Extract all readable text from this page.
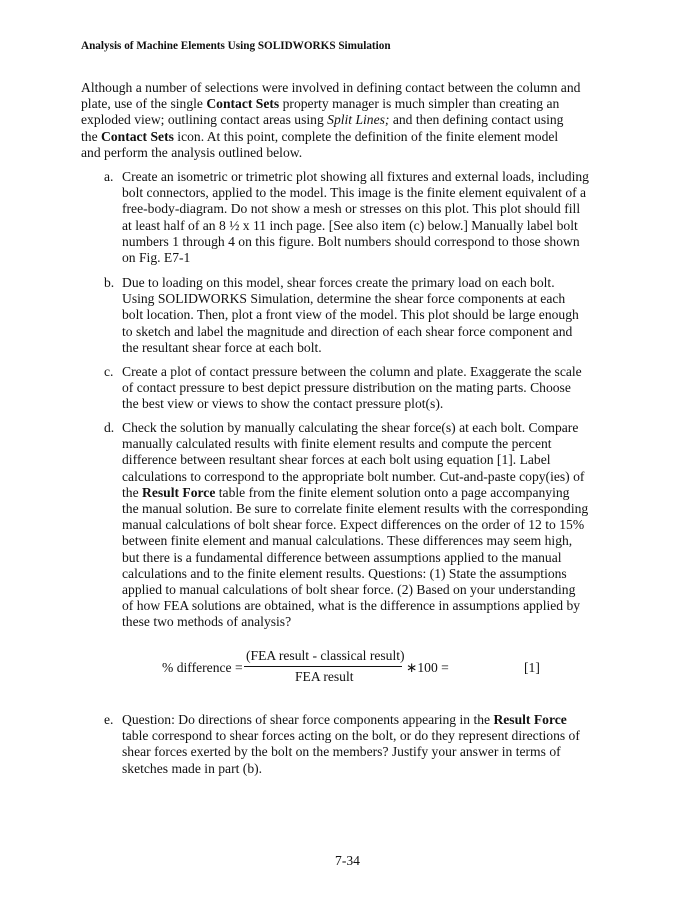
Analysis of Machine Elements Using SOLIDWORKS Simulation
Although a number of selections were involved in defining contact between the column and plate, use of the single Contact Sets property manager is much simpler than creating an exploded view; outlining contact areas using Split Lines; and then defining contact using the Contact Sets icon. At this point, complete the definition of the finite element model and perform the analysis outlined below.
a. Create an isometric or trimetric plot showing all fixtures and external loads, including bolt connectors, applied to the model. This image is the finite element equivalent of a free-body-diagram. Do not show a mesh or stresses on this plot. This plot should fill at least half of an 8 ½ x 11 inch page. [See also item (c) below.] Manually label bolt numbers 1 through 4 on this figure. Bolt numbers should correspond to those shown on Fig. E7-1
b. Due to loading on this model, shear forces create the primary load on each bolt. Using SOLIDWORKS Simulation, determine the shear force components at each bolt location. Then, plot a front view of the model. This plot should be large enough to sketch and label the magnitude and direction of each shear force component and the resultant shear force at each bolt.
c. Create a plot of contact pressure between the column and plate. Exaggerate the scale of contact pressure to best depict pressure distribution on the mating parts. Choose the best view or views to show the contact pressure plot(s).
d. Check the solution by manually calculating the shear force(s) at each bolt. Compare manually calculated results with finite element results and compute the percent difference between resultant shear forces at each bolt using equation [1]. Label calculations to correspond to the appropriate bolt number. Cut-and-paste copy(ies) of the Result Force table from the finite element solution onto a page accompanying the manual solution. Be sure to correlate finite element results with the corresponding manual calculations of bolt shear force. Expect differences on the order of 12 to 15% between finite element and manual calculations. These differences may seem high, but there is a fundamental difference between assumptions applied to the manual calculations and to the finite element results. Questions: (1) State the assumptions applied to manual calculations of bolt shear force. (2) Based on your understanding of how FEA solutions are obtained, what is the difference in assumptions applied by these two methods of analysis?
% difference =
(FEA result - classical result)
FEA result
∗100 =	[1]
e. Question: Do directions of shear force components appearing in the Result Force table correspond to shear forces acting on the bolt, or do they represent directions of shear forces exerted by the bolt on the members? Justify your answer in terms of sketches made in part (b).
7-34
